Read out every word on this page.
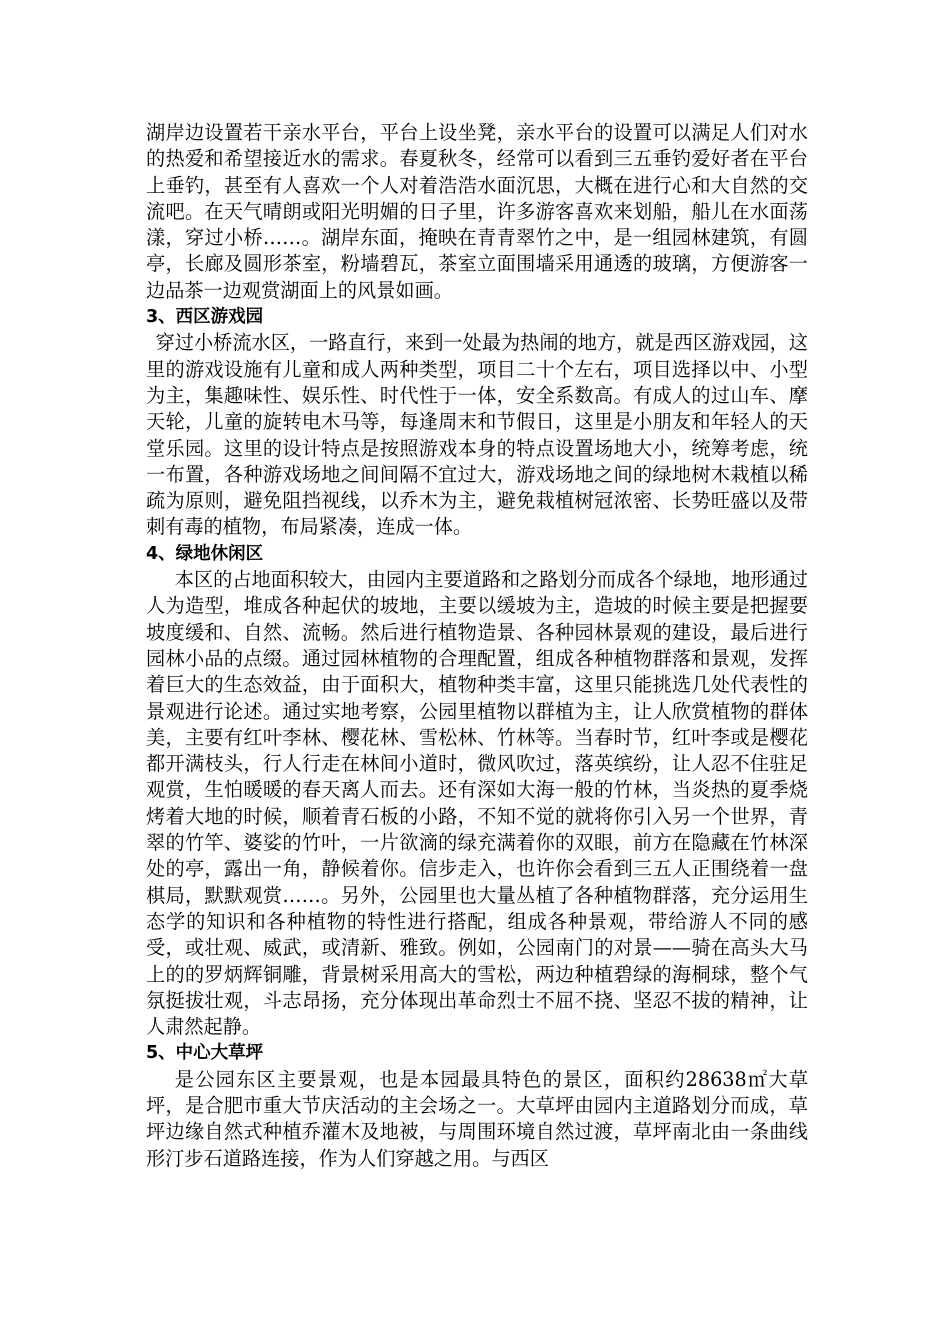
湖岸边设置若干亲水平台，平台上设坐凳，亲水平台的设置可以满足人们对水的热爱和希望接近水的需求。春夏秋冬，经常可以看到三五垂钓爱好者在平台上垂钓，甚至有人喜欢一个人对着浩浩水面沉思，大概在进行心和大自然的交流吧。在天气晴朗或阳光明媚的日子里，许多游客喜欢来划船，船儿在水面荡漾，穿过小桥……。湖岸东面，掩映在青青翠竹之中，是一组园林建筑，有圆亭，长廊及圆形茶室，粉墙碧瓦，茶室立面围墙采用通透的玻璃，方便游客一边品茶一边观赏湖面上的风景如画。

3、西区游戏园

穿过小桥流水区，一路直行，来到一处最为热闹的地方，就是西区游戏园，这里的游戏设施有儿童和成人两种类型，项目二十个左右，项目选择以中、小型为主，集趣味性、娱乐性、时代性于一体，安全系数高。有成人的过山车、摩天轮，儿童的旋转电木马等，每逢周末和节假日，这里是小朋友和年轻人的天堂乐园。这里的设计特点是按照游戏本身的特点设置场地大小，统筹考虑，统一布置，各种游戏场地之间间隔不宜过大，游戏场地之间的绿地树木栽植以稀疏为原则，避免阻挡视线，以乔木为主，避免栽植树冠浓密、长势旺盛以及带刺有毒的植物，布局紧凑，连成一体。

4、绿地休闲区

本区的占地面积较大，由园内主要道路和之路划分而成各个绿地，地形通过人为造型，堆成各种起伏的坡地，主要以缓坡为主，造坡的时候主要是把握要坡度缓和、自然、流畅。然后进行植物造景、各种园林景观的建设，最后进行园林小品的点缀。通过园林植物的合理配置，组成各种植物群落和景观，发挥着巨大的生态效益，由于面积大，植物种类丰富，这里只能挑选几处代表性的景观进行论述。通过实地考察，公园里植物以群植为主，让人欣赏植物的群体美，主要有红叶李林、樱花林、雪松林、竹林等。当春时节，红叶李或是樱花都开满枝头，行人行走在林间小道时，微风吹过，落英缤纷，让人忍不住驻足观赏，生怕暖暖的春天离人而去。还有深如大海一般的竹林，当炎热的夏季烧烤着大地的时候，顺着青石板的小路，不知不觉的就将你引入另一个世界，青翠的竹竿、婆娑的竹叶，一片欲滴的绿充满着你的双眼，前方在隐藏在竹林深处的亭，露出一角，静候着你。信步走入，也许你会看到三五人正围绕着一盘棋局，默默观赏……。另外，公园里也大量丛植了各种植物群落，充分运用生态学的知识和各种植物的特性进行搭配，组成各种景观，带给游人不同的感受，或壮观、威武，或清新、雅致。例如，公园南门的对景——骑在高头大马上的的罗炳辉铜雕，背景树采用高大的雪松，两边种植碧绿的海桐球，整个气氛挺拔壮观，斗志昂扬，充分体现出革命烈士不屈不挠、坚忍不拔的精神，让人肃然起静。

5、中心大草坪

是公园东区主要景观，也是本园最具特色的景区，面积约28638㎡大草坪，是合肥市重大节庆活动的主会场之一。大草坪由园内主道路划分而成，草坪边缘自然式种植乔灌木及地被，与周围环境自然过渡，草坪南北由一条曲线形汀步石道路连接，作为人们穿越之用。与西区
